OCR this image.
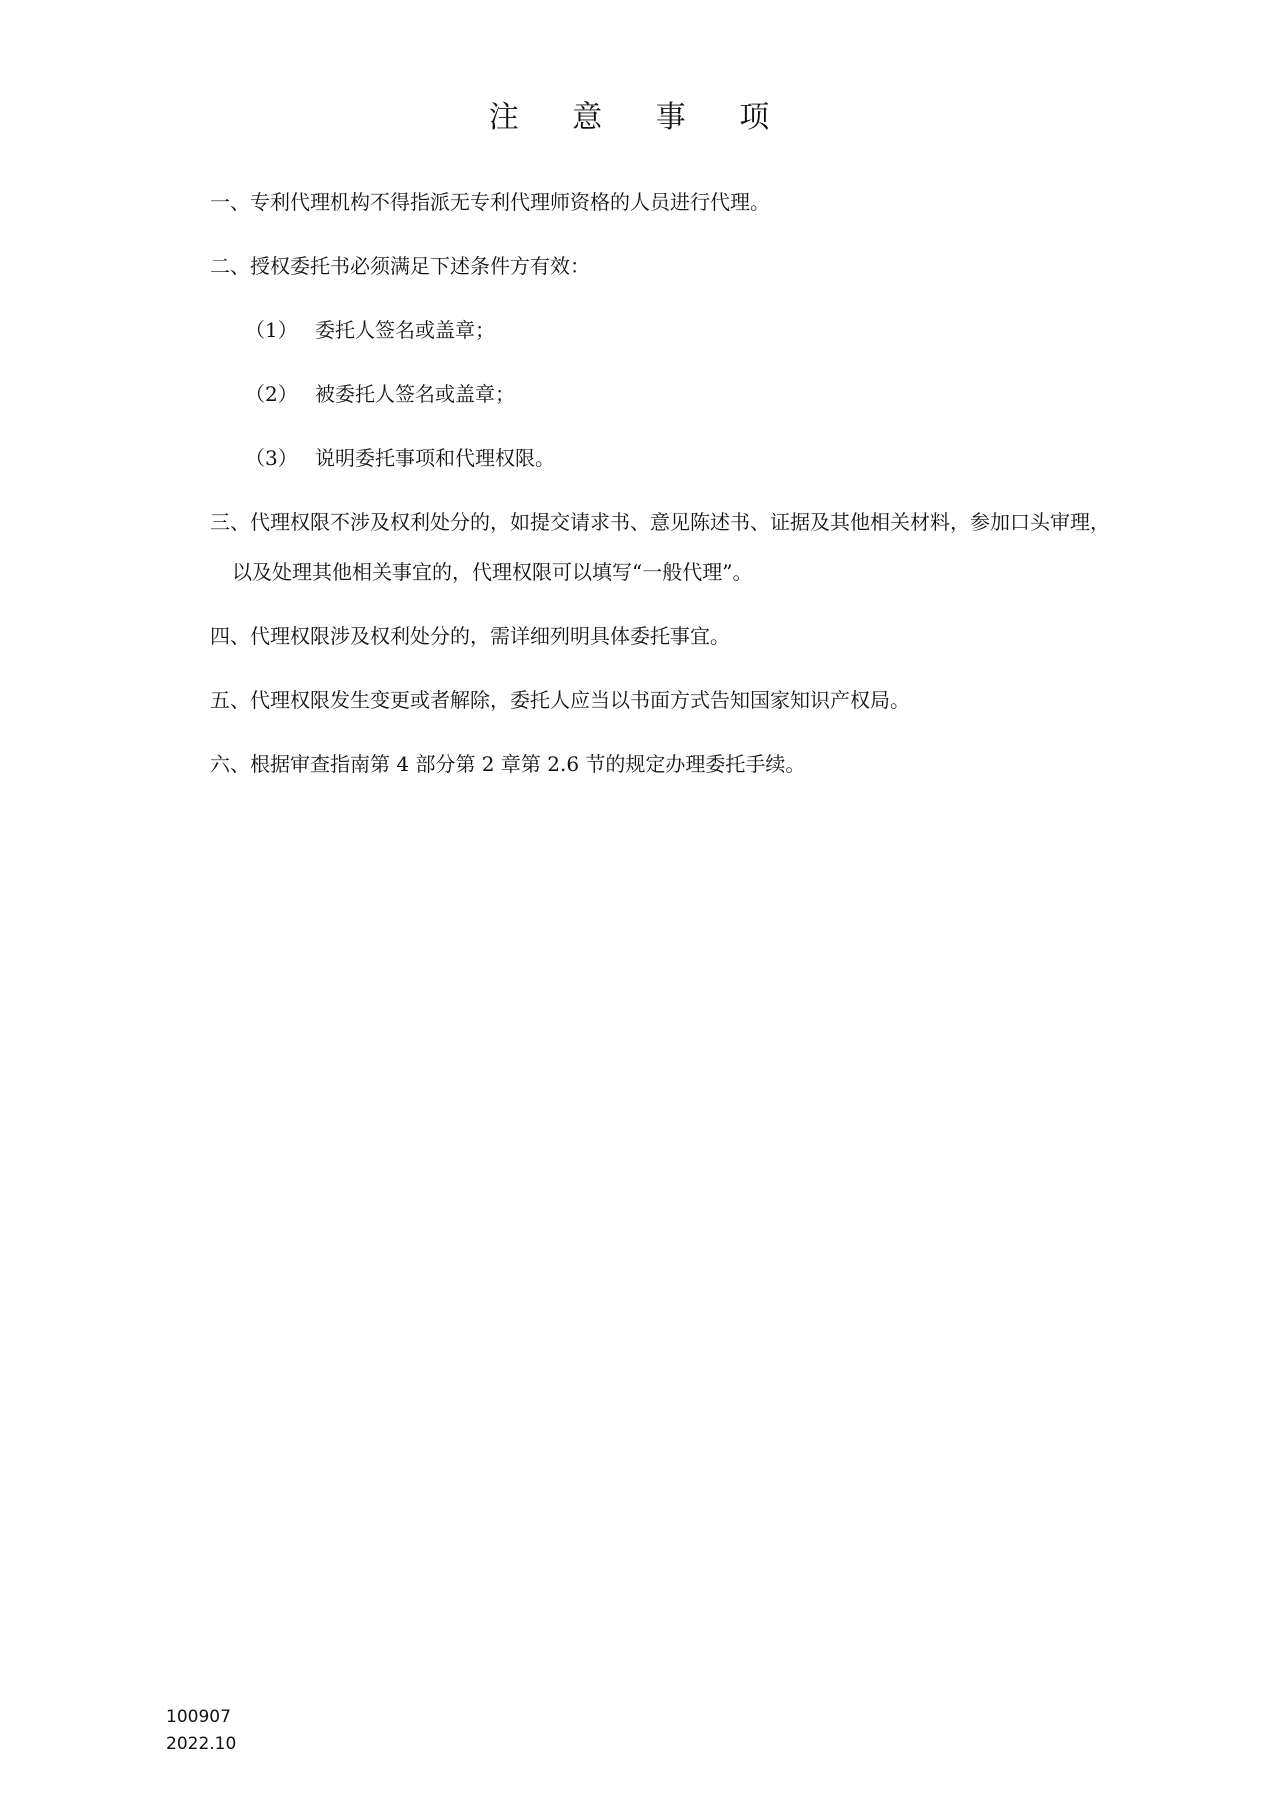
注 意 事 项
一、专利代理机构不得指派无专利代理师资格的人员进行代理。
二、授权委托书必须满足下述条件方有效：
（1） 委托人签名或盖章；
（2） 被委托人签名或盖章；
（3） 说明委托事项和代理权限。
三、代理权限不涉及权利处分的，如提交请求书、意见陈述书、证据及其他相关材料，参加口头审理，
以及处理其他相关事宜的，代理权限可以填写“一般代理”。
四、代理权限涉及权利处分的，需详细列明具体委托事宜。
五、代理权限发生变更或者解除，委托人应当以书面方式告知国家知识产权局。
六、根据审查指南第 4 部分第 2 章第 2.6 节的规定办理委托手续。
100907
2022.10
